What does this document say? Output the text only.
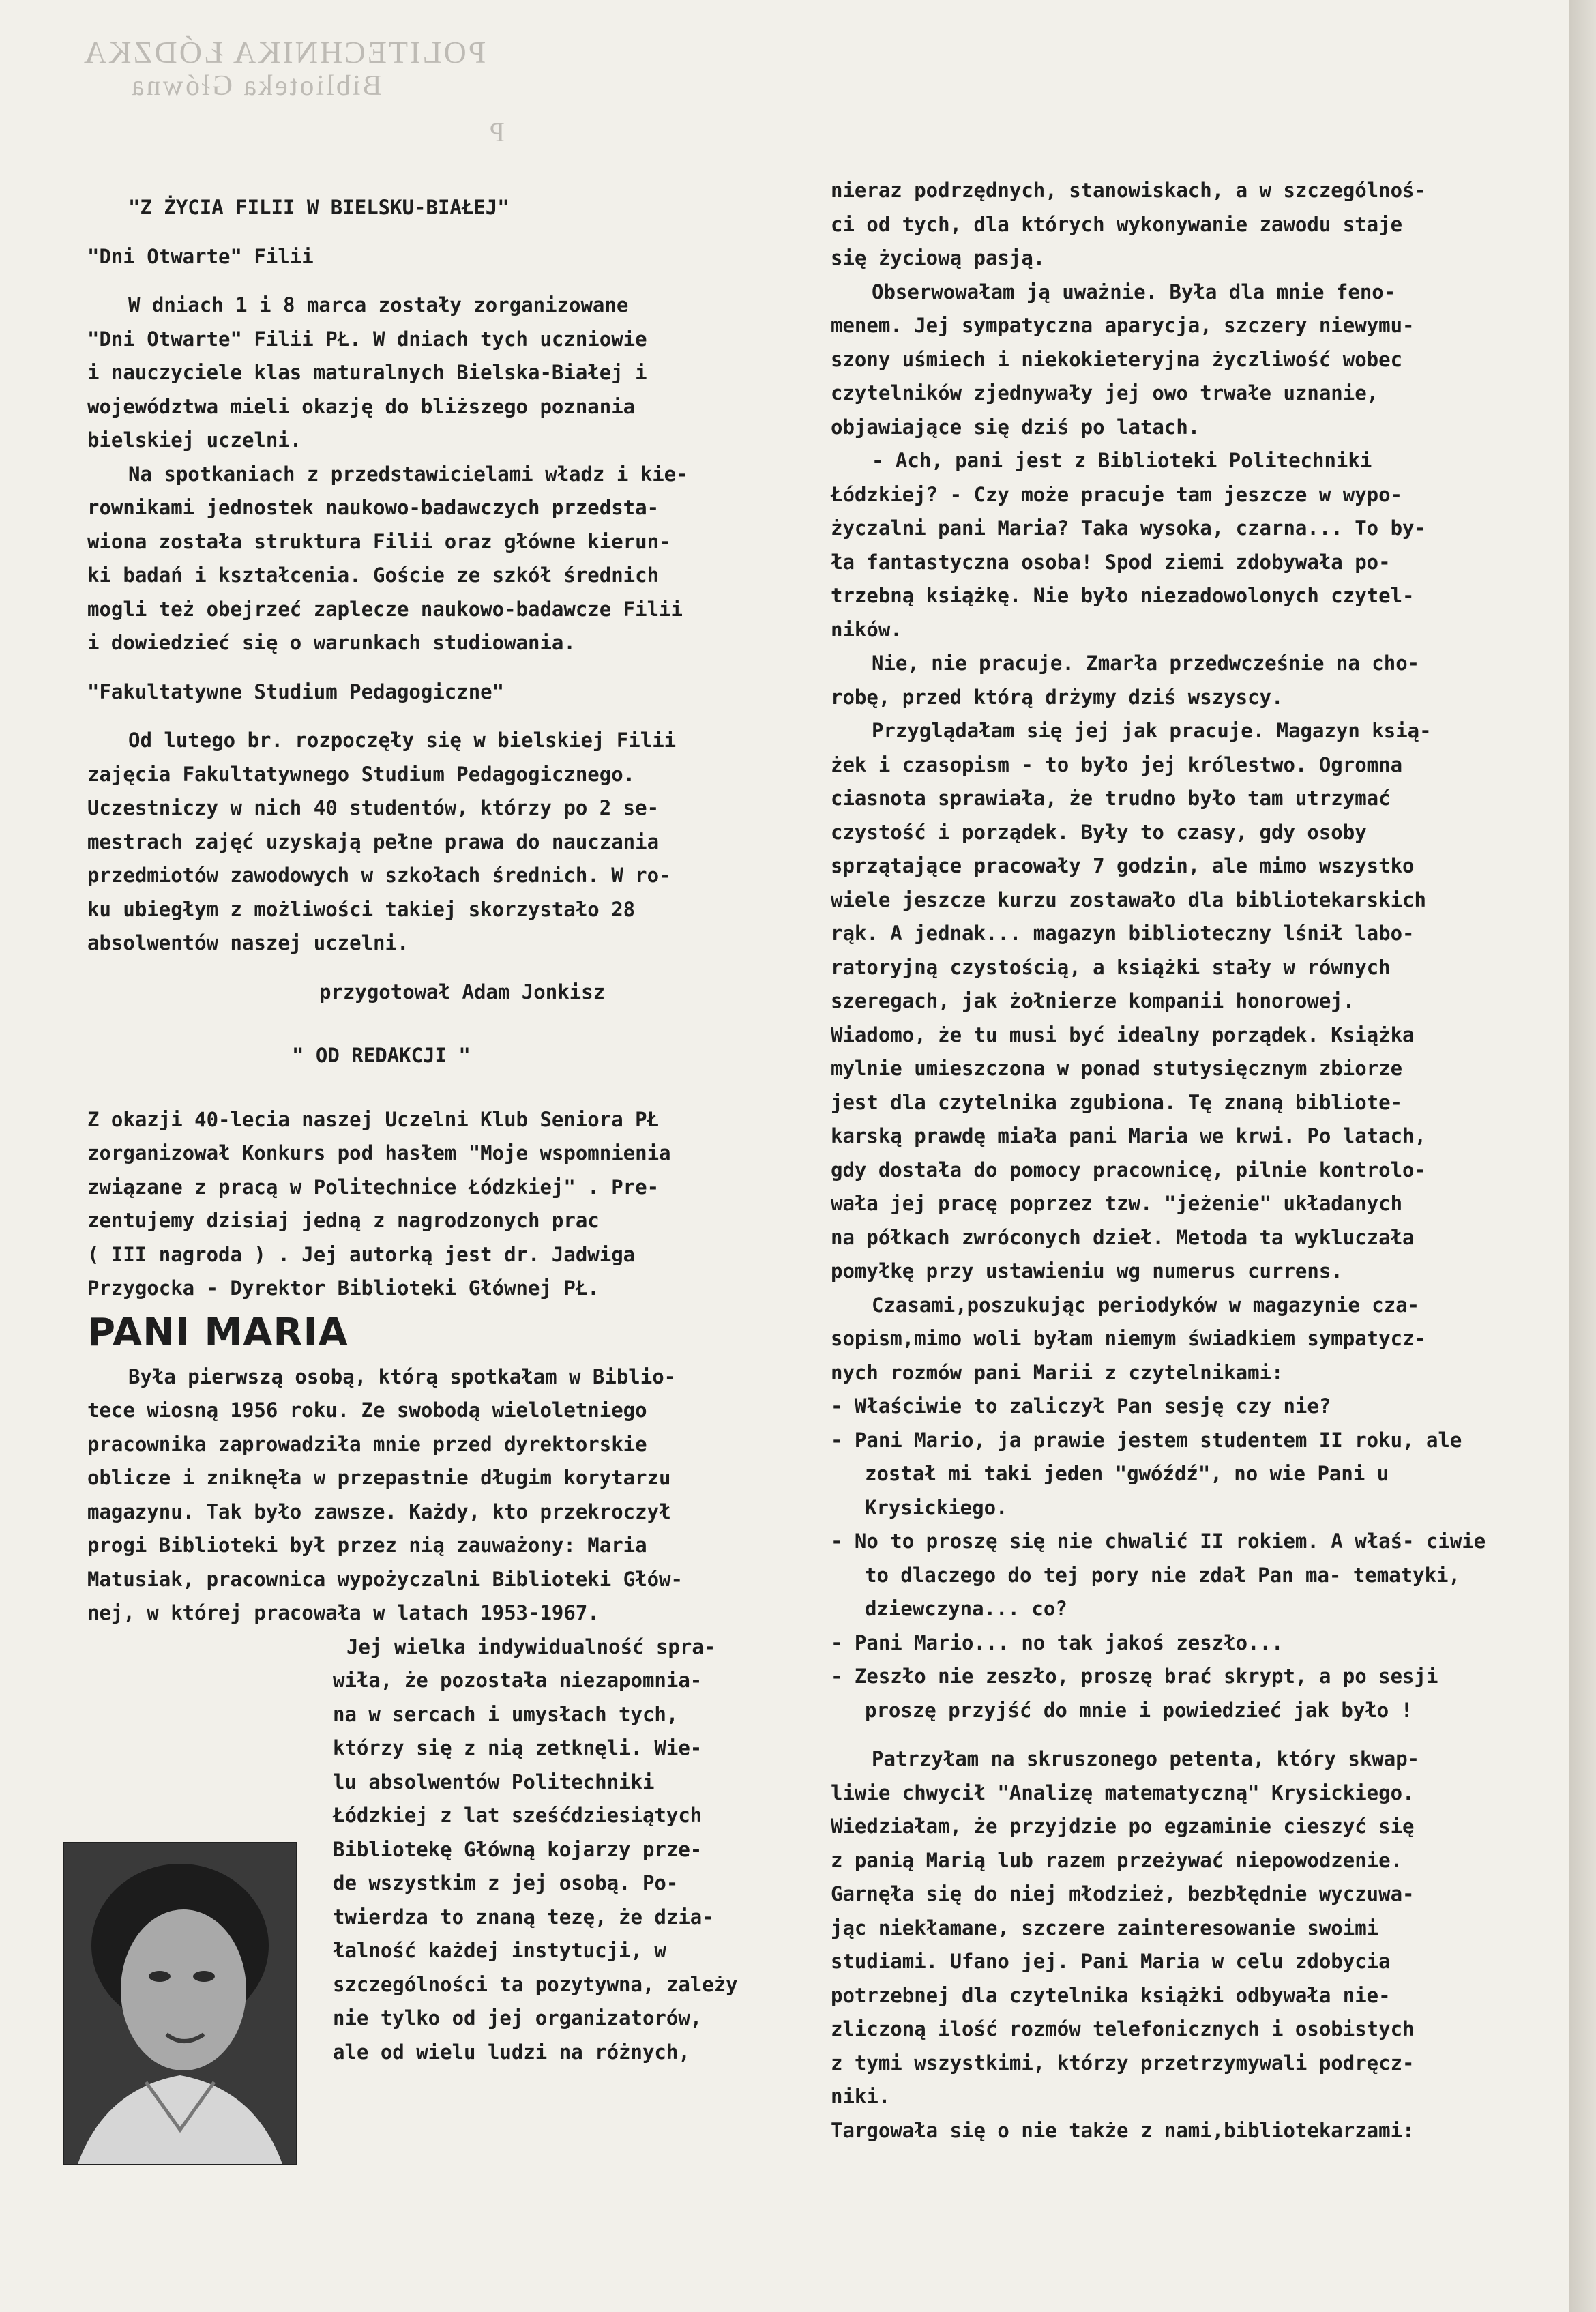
POLITECHNIKA ŁÓDZKA
Biblioteka Główna
P

"Z ŻYCIA FILII W BIELSKU-BIAŁEJ"

"Dni Otwarte" Filii

W dniach 1 i 8 marca zostały zorganizowane

"Dni Otwarte" Filii PŁ. W dniach tych uczniowie

i nauczyciele klas maturalnych Bielska-Białej i

województwa mieli okazję do bliższego poznania

bielskiej uczelni.

Na spotkaniach z przedstawicielami władz i kie-

rownikami jednostek naukowo-badawczych przedsta-

wiona została struktura Filii oraz główne kierun-

ki badań i kształcenia. Goście ze szkół średnich

mogli też obejrzeć zaplecze naukowo-badawcze Filii

i dowiedzieć się o warunkach studiowania.

"Fakultatywne Studium Pedagogiczne"

Od lutego br. rozpoczęły się w bielskiej Filii

zajęcia Fakultatywnego Studium Pedagogicznego.

Uczestniczy w nich 40 studentów, którzy po 2 se-

mestrach zajęć uzyskają pełne prawa do nauczania

przedmiotów zawodowych w szkołach średnich. W ro-

ku ubiegłym z możliwości takiej skorzystało 28

absolwentów naszej uczelni.

przygotował Adam Jonkisz

" OD REDAKCJI "

Z okazji 40-lecia naszej Uczelni Klub Seniora PŁ

zorganizował Konkurs pod hasłem "Moje wspomnienia

związane z pracą w Politechnice Łódzkiej" . Pre-

zentujemy dzisiaj jedną z nagrodzonych prac

( III nagroda ) . Jej autorką jest dr. Jadwiga

Przygocka - Dyrektor Biblioteki Głównej PŁ.

PANI MARIA

Była pierwszą osobą, którą spotkałam w Biblio-

tece wiosną 1956 roku. Ze swobodą wieloletniego

pracownika zaprowadziła mnie przed dyrektorskie

oblicze i zniknęła w przepastnie długim korytarzu

magazynu. Tak było zawsze. Każdy, kto przekroczył

progi Biblioteki był przez nią zauważony: Maria

Matusiak, pracownica wypożyczalni Biblioteki Głów-

nej, w której pracowała w latach 1953-1967.

Jej wielka indywidualność spra-

wiła, że pozostała niezapomnia-

na w sercach i umysłach tych,

którzy się z nią zetknęli. Wie-

lu absolwentów Politechniki

Łódzkiej z lat sześćdziesiątych

Bibliotekę Główną kojarzy prze-

de wszystkim z jej osobą. Po-

twierdza to znaną tezę, że dzia-

łalność każdej instytucji, w

szczególności ta pozytywna, zależy

nie tylko od jej organizatorów,

ale od wielu ludzi na różnych,

nieraz podrzędnych, stanowiskach, a w szczególnoś-

ci od tych, dla których wykonywanie zawodu staje

się życiową pasją.

Obserwowałam ją uważnie. Była dla mnie feno-

menem. Jej sympatyczna aparycja, szczery niewymu-

szony uśmiech i niekokieteryjna życzliwość wobec

czytelników zjednywały jej owo trwałe uznanie,

objawiające się dziś po latach.

- Ach, pani jest z Biblioteki Politechniki

Łódzkiej? - Czy może pracuje tam jeszcze w wypo-

życzalni pani Maria? Taka wysoka, czarna... To by-

ła fantastyczna osoba! Spod ziemi zdobywała po-

trzebną książkę. Nie było niezadowolonych czytel-

ników.

Nie, nie pracuje. Zmarła przedwcześnie na cho-

robę, przed którą drżymy dziś wszyscy.

Przyglądałam się jej jak pracuje. Magazyn ksią-

żek i czasopism - to było jej królestwo. Ogromna

ciasnota sprawiała, że trudno było tam utrzymać

czystość i porządek. Były to czasy, gdy osoby

sprzątające pracowały 7 godzin, ale mimo wszystko

wiele jeszcze kurzu zostawało dla bibliotekarskich

rąk. A jednak... magazyn biblioteczny lśnił labo-

ratoryjną czystością, a książki stały w równych

szeregach, jak żołnierze kompanii honorowej.

Wiadomo, że tu musi być idealny porządek. Książka

mylnie umieszczona w ponad stutysięcznym zbiorze

jest dla czytelnika zgubiona. Tę znaną bibliote-

karską prawdę miała pani Maria we krwi. Po latach,

gdy dostała do pomocy pracownicę, pilnie kontrolo-

wała jej pracę poprzez tzw. "jeżenie" układanych

na półkach zwróconych dzieł. Metoda ta wykluczała

pomyłkę przy ustawieniu wg numerus currens.

Czasami,poszukując periodyków w magazynie cza-

sopism,mimo woli byłam niemym świadkiem sympatycz-

nych rozmów pani Marii z czytelnikami:

- Właściwie to zaliczył Pan sesję czy nie?

- Pani Mario, ja prawie jestem studentem II roku, ale został mi taki jeden "gwóźdź", no wie Pani u Krysickiego.

- No to proszę się nie chwalić II rokiem. A właś- ciwie to dlaczego do tej pory nie zdał Pan ma- tematyki, dziewczyna... co?

- Pani Mario... no tak jakoś zeszło...

- Zeszło nie zeszło, proszę brać skrypt, a po sesji proszę przyjść do mnie i powiedzieć jak było !

Patrzyłam na skruszonego petenta, który skwap-

liwie chwycił "Analizę matematyczną" Krysickiego.

Wiedziałam, że przyjdzie po egzaminie cieszyć się

z panią Marią lub razem przeżywać niepowodzenie.

Garnęła się do niej młodzież, bezbłędnie wyczuwa-

jąc niekłamane, szczere zainteresowanie swoimi

studiami. Ufano jej. Pani Maria w celu zdobycia

potrzebnej dla czytelnika książki odbywała nie-

zliczoną ilość rozmów telefonicznych i osobistych

z tymi wszystkimi, którzy przetrzymywali podręcz-

niki.

Targowała się o nie także z nami,bibliotekarzami:
